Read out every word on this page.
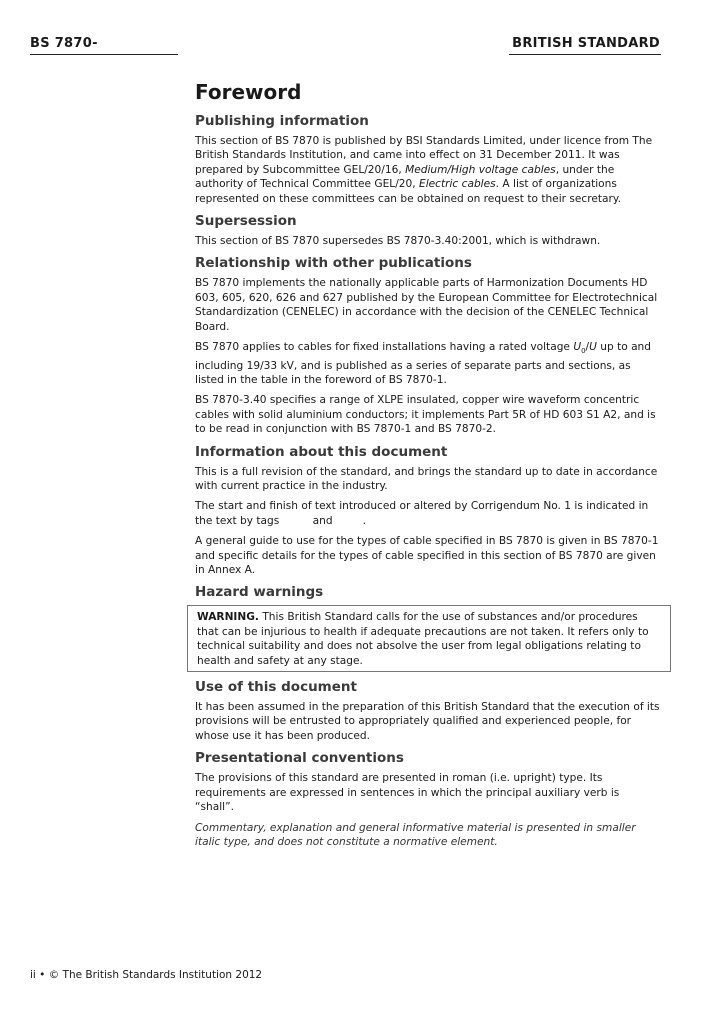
BS 7870-	BRITISH STANDARD
Foreword
Publishing information

This section of BS 7870 is published by BSI Standards Limited, under licence from The British Standards Institution, and came into effect on 31 December 2011. It was prepared by Subcommittee GEL/20/16, Medium/High voltage cables, under the authority of Technical Committee GEL/20, Electric cables. A list of organizations represented on these committees can be obtained on request to their secretary.

Supersession

This section of BS 7870 supersedes BS 7870-3.40:2001, which is withdrawn.

Relationship with other publications

BS 7870 implements the nationally applicable parts of Harmonization Documents HD 603, 605, 620, 626 and 627 published by the European Committee for Electrotechnical Standardization (CENELEC) in accordance with the decision of the CENELEC Technical Board.

BS 7870 applies to cables for fixed installations having a rated voltage $U_0/U$ up to and including 19/33 kV, and is published as a series of separate parts and sections, as listed in the table in the foreword of BS 7870-1.

BS 7870-3.40 specifies a range of XLPE insulated, copper wire waveform concentric cables with solid aluminium conductors; it implements Part 5R of HD 603 S1 A2, and is to be read in conjunction with BS 7870-1 and BS 7870-2.

Information about this document

This is a full revision of the standard, and brings the standard up to date in accordance with current practice in the industry.

The start and finish of text introduced or altered by Corrigendum No. 1 is indicated in the text by tags	and	.

A general guide to use for the types of cable specified in BS 7870 is given in BS 7870-1 and specific details for the types of cable specified in this section of BS 7870 are given in Annex A.

Hazard warnings

WARNING. This British Standard calls for the use of substances and/or procedures that can be injurious to health if adequate precautions are not taken. It refers only to technical suitability and does not absolve the user from legal obligations relating to health and safety at any stage.

Use of this document

It has been assumed in the preparation of this British Standard that the execution of its provisions will be entrusted to appropriately qualified and experienced people, for whose use it has been produced.

Presentational conventions

The provisions of this standard are presented in roman (i.e. upright) type. Its requirements are expressed in sentences in which the principal auxiliary verb is “shall”.

Commentary, explanation and general informative material is presented in smaller italic type, and does not constitute a normative element.

ii • © The British Standards Institution 2012
